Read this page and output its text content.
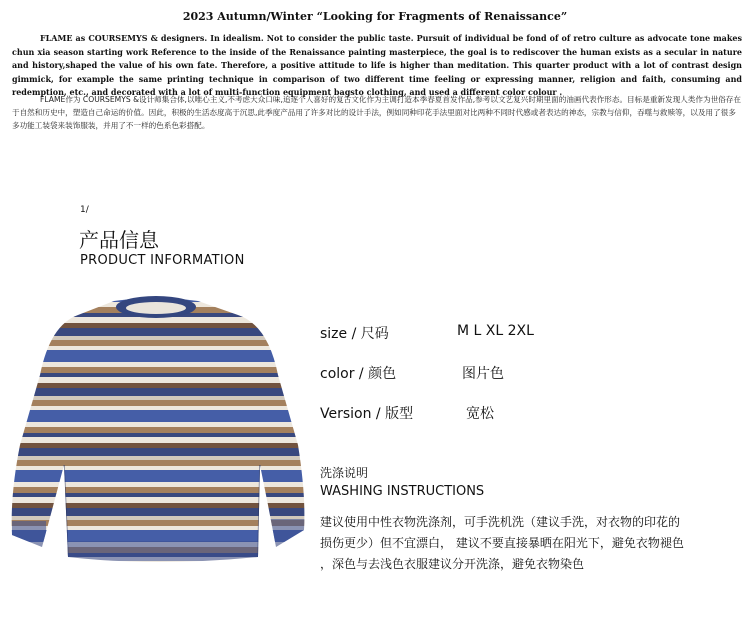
2023 Autumn/Winter “Looking for Fragments of Renaissance”
FLAME as COURSEMYS & designers. In idealism. Not to consider the public taste. Pursuit of individual be fond of of retro culture as advocate tone makes chun xia season starting work Reference to the inside of the Renaissance painting masterpiece, the goal is to rediscover the human exists as a secular in nature and history,shaped the value of his own fate. Therefore, a positive attitude to life is higher than meditation. This quarter product with a lot of contrast design gimmick, for example the same printing technique in comparison of two different time feeling or expressing manner, religion and faith, consuming and redemption, etc., and decorated with a lot of multi-function equipment bagsto clothing, and used a different color colour .
FLAME作为 COURSEMYS &设计师集合体,以唯心主义,不考虑大众口味,追逐个人喜好的复古文化作为主调打造本季春夏首发作品,参考以文艺复兴时期里面的油画代表作形态。目标是重新发现人类作为世俗存在于自然和历史中，塑造自己命运的价值。因此，积极的生活态度高于沉思,此季度产品用了许多对比的设计手法，例如同种印花手法里面对比两种不同时代感或者表达的神态，宗教与信仰，吞噬与救赎等，以及用了很多多功能工装袋来装饰服装，并用了不一样的色系色彩搭配。
1/
产品信息
PRODUCT INFORMATION
size / 尺码	M L XL 2XL
color / 颜色	图片色
Version / 版型	宽松
洗涤说明
WASHING INSTRUCTIONS
建议使用中性衣物洗涤剂，可手洗机洗（建议手洗，对衣物的印花的
损伤更少）但不宜漂白， 建议不要直接暴晒在阳光下，避免衣物褪色
，深色与去浅色衣服建议分开洗涤，避免衣物染色
